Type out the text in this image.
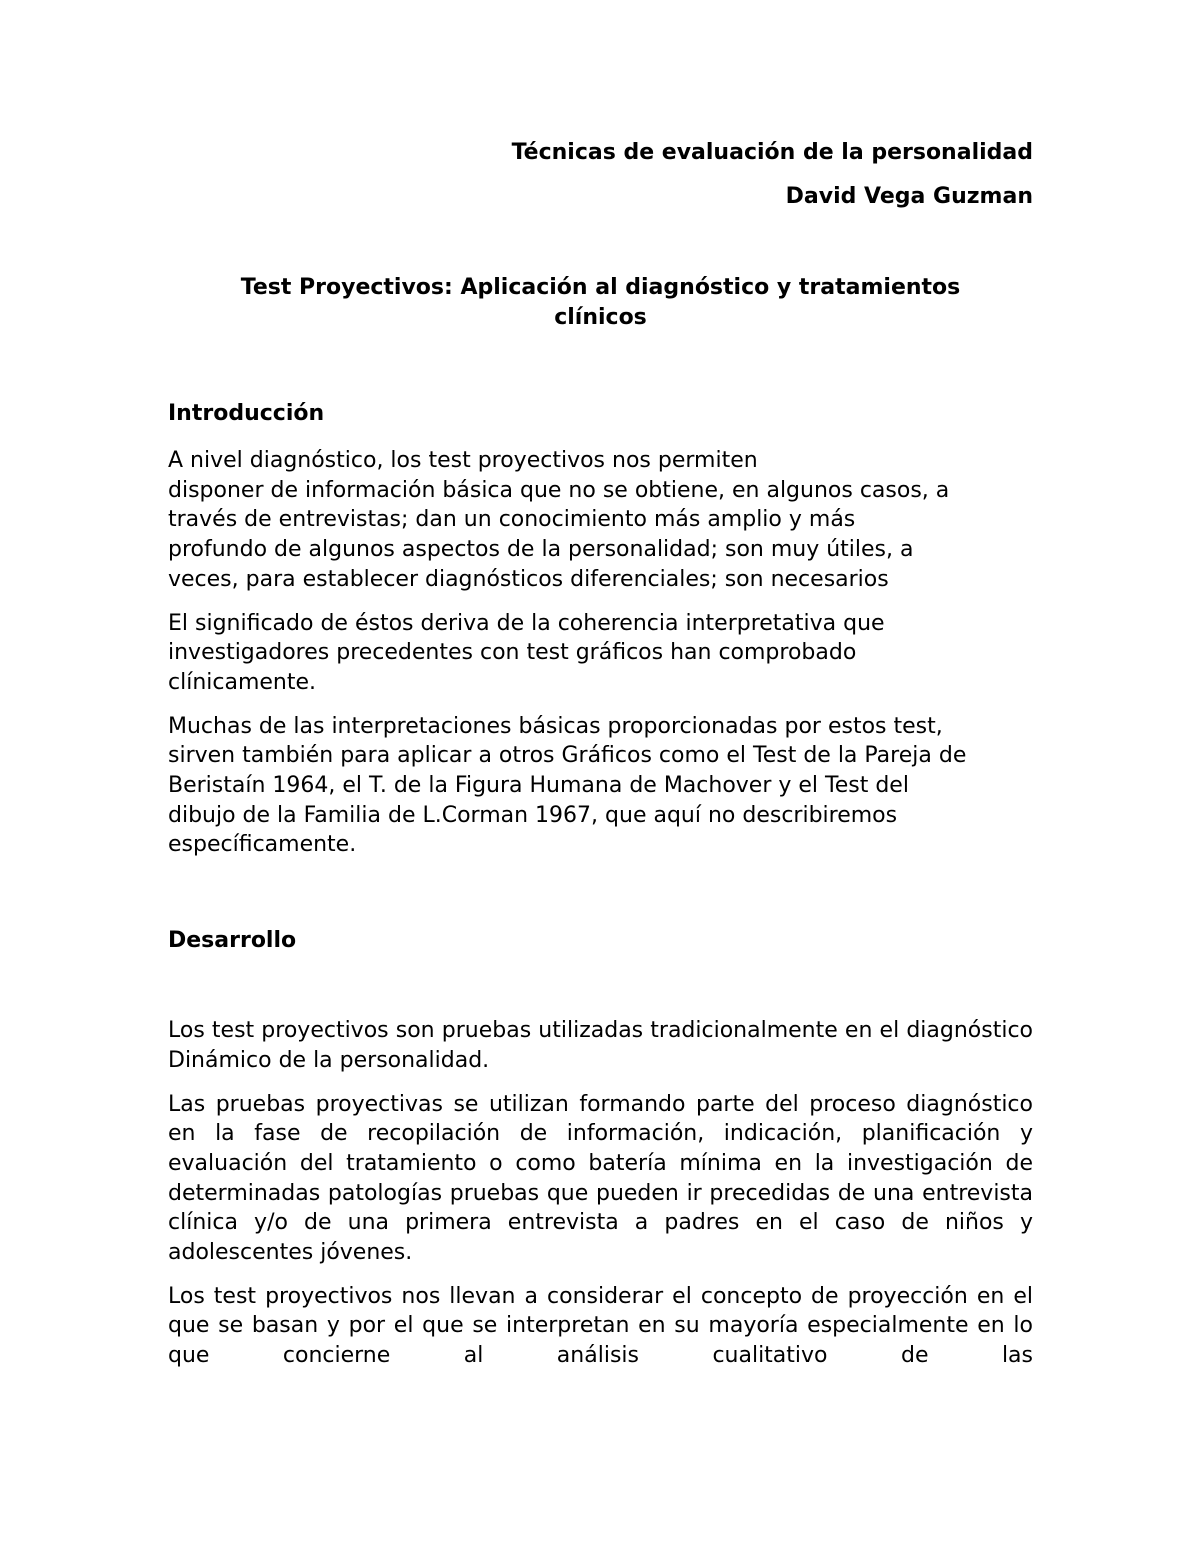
Técnicas de evaluación de la personalidad

David Vega Guzman

Test Proyectivos: Aplicación al diagnóstico y tratamientos clínicos
Introducción

A nivel diagnóstico, los test proyectivos nos permiten
disponer de información básica que no se obtiene, en algunos casos, a
través de entrevistas; dan un conocimiento más amplio y más
profundo de algunos aspectos de la personalidad; son muy útiles, a
veces, para establecer diagnósticos diferenciales; son necesarios

El significado de éstos deriva de la coherencia interpretativa que
investigadores precedentes con test gráficos han comprobado
clínicamente.

Muchas de las interpretaciones básicas proporcionadas por estos test,
sirven también para aplicar a otros Gráficos como el Test de la Pareja de
Beristaín 1964, el T. de la Figura Humana de Machover y el Test del
dibujo de la Familia de L.Corman 1967, que aquí no describiremos
específicamente.

Desarrollo

Los test proyectivos son pruebas utilizadas tradicionalmente en el diagnóstico Dinámico de la personalidad.

Las pruebas proyectivas se utilizan formando parte del proceso diagnóstico en la fase de recopilación de información, indicación, planificación y evaluación del tratamiento o como batería mínima en la investigación de determinadas patologías pruebas que pueden ir precedidas de una entrevista clínica y/o de una primera entrevista a padres en el caso de niños y adolescentes jóvenes.

Los test proyectivos nos llevan a considerar el concepto de proyección en el que se basan y por el que se interpretan en su mayoría especialmente en lo que concierne al análisis cualitativo de las
